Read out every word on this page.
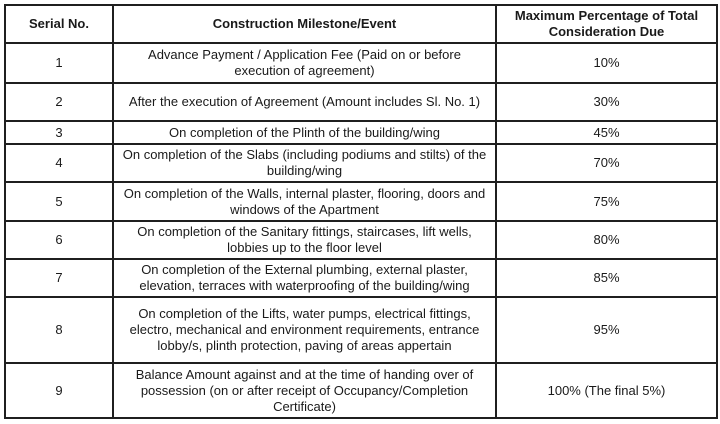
Serial No.	Construction Milestone/Event	Maximum Percentage of Total Consideration Due
1	Advance Payment / Application Fee (Paid on or before execution of agreement)	10%
2	After the execution of Agreement (Amount includes Sl. No. 1)	30%
3	On completion of the Plinth of the building/wing	45%
4	On completion of the Slabs (including podiums and stilts) of the building/wing	70%
5	On completion of the Walls, internal plaster, flooring, doors and windows of the Apartment	75%
6	On completion of the Sanitary fittings, staircases, lift wells, lobbies up to the floor level	80%
7	On completion of the External plumbing, external plaster, elevation, terraces with waterproofing of the building/wing	85%
8	On completion of the Lifts, water pumps, electrical fittings, electro, mechanical and environment requirements, entrance lobby/s, plinth protection, paving of areas appertain	95%
9	Balance Amount against and at the time of handing over of possession (on or after receipt of Occupancy/Completion Certificate)	100% (The final 5%)
